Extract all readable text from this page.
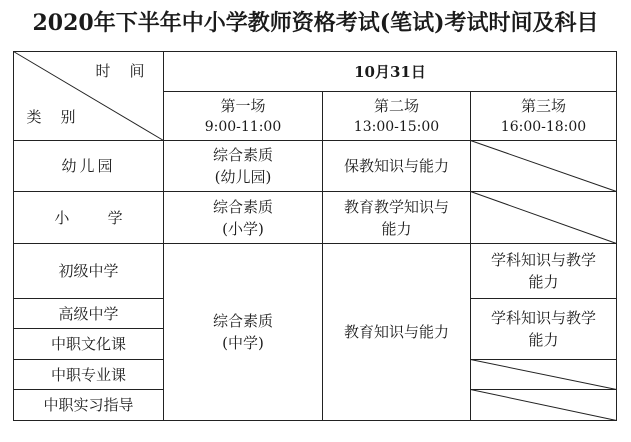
2020年下半年中小学教师资格考试(笔试)考试时间及科目
时    间
类    别
10月31日
第一场
9:00-11:00
第二场
13:00-15:00
第三场
16:00-18:00
幼儿园
综合素质
(幼儿园)
保教知识与能力
小        学
综合素质
(小学)
教育教学知识与
能力
初级中学
高级中学
中职文化课
中职专业课
中职实习指导
综合素质
(中学)
教育知识与能力
学科知识与教学
能力
学科知识与教学
能力
